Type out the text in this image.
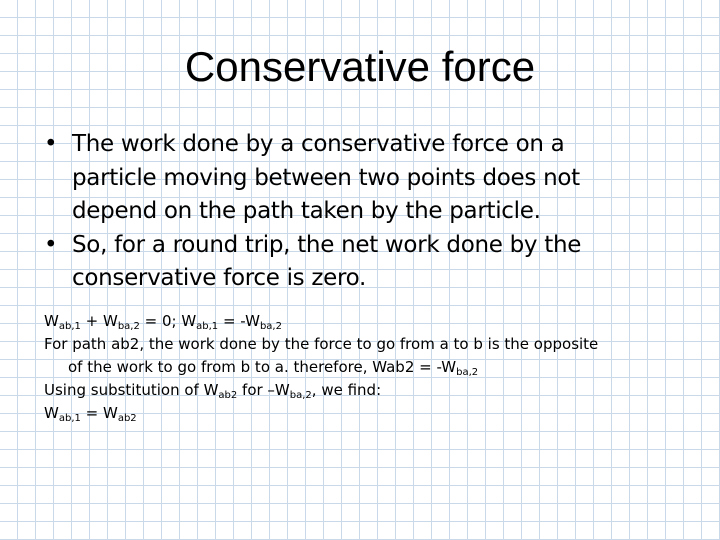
Conservative force
• The work done by a conservative force on a
particle moving between two points does not
depend on the path taken by the particle.
• So, for a round trip, the net work done by the
conservative force is zero.
$W_{ab,1} + W_{ba,2} = 0$; $W_{ab,1} = -W_{ba,2}$
For path ab2, the work done by the force to go from a to b is the opposite
of the work to go from b to a. therefore, $Wab2 = -W_{ba,2}$
Using substitution of $W_{ab2}$ for $-W_{ba,2}$, we find:
$W_{ab,1} = W_{ab2}$
